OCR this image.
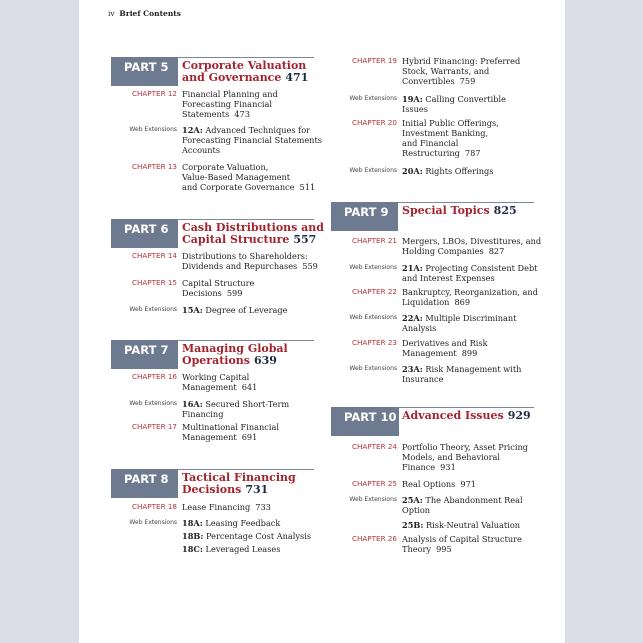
iv Brief Contents
PART 5	Corporate Valuation
and Governance 471
CHAPTER 12 Financial Planning and
Forecasting Financial
Statements 473
Web Extensions 12A: Advanced Techniques for
Forecasting Financial Statements
Accounts
CHAPTER 13 Corporate Valuation,
Value-Based Management
and Corporate Governance 511
PART 6	Cash Distributions and
Capital Structure 557
CHAPTER 14 Distributions to Shareholders:
Dividends and Repurchases 559
CHAPTER 15 Capital Structure
Decisions 599
Web Extensions 15A: Degree of Leverage
PART 7	Managing Global
Operations 639
CHAPTER 16 Working Capital
Management 641
Web Extensions 16A: Secured Short-Term
Financing
CHAPTER 17 Multinational Financial
Management 691
PART 8	Tactical Financing
Decisions 731
CHAPTER 18 Lease Financing 733
Web Extensions 18A: Leasing Feedback
18B: Percentage Cost Analysis
18C: Leveraged Leases
CHAPTER 19 Hybrid Financing: Preferred
Stock, Warrants, and
Convertibles 759
Web Extensions 19A: Calling Convertible
Issues
CHAPTER 20 Initial Public Offerings,
Investment Banking,
and Financial
Restructuring 787
Web Extensions 20A: Rights Offerings
PART 9	Special Topics 825
CHAPTER 21 Mergers, LBOs, Divestitures, and
Holding Companies 827
Web Extensions 21A: Projecting Consistent Debt
and Interest Expenses
CHAPTER 22 Bankruptcy, Reorganization, and
Liquidation 869
Web Extensions 22A: Multiple Discriminant
Analysis
CHAPTER 23 Derivatives and Risk
Management 899
Web Extensions 23A: Risk Management with
Insurance
PART 10 Advanced Issues 929
CHAPTER 24 Portfolio Theory, Asset Pricing
Models, and Behavioral
Finance 931
CHAPTER 25 Real Options 971
Web Extensions 25A: The Abandonment Real
Option
25B: Risk-Neutral Valuation
CHAPTER 26 Analysis of Capital Structure
Theory 995
